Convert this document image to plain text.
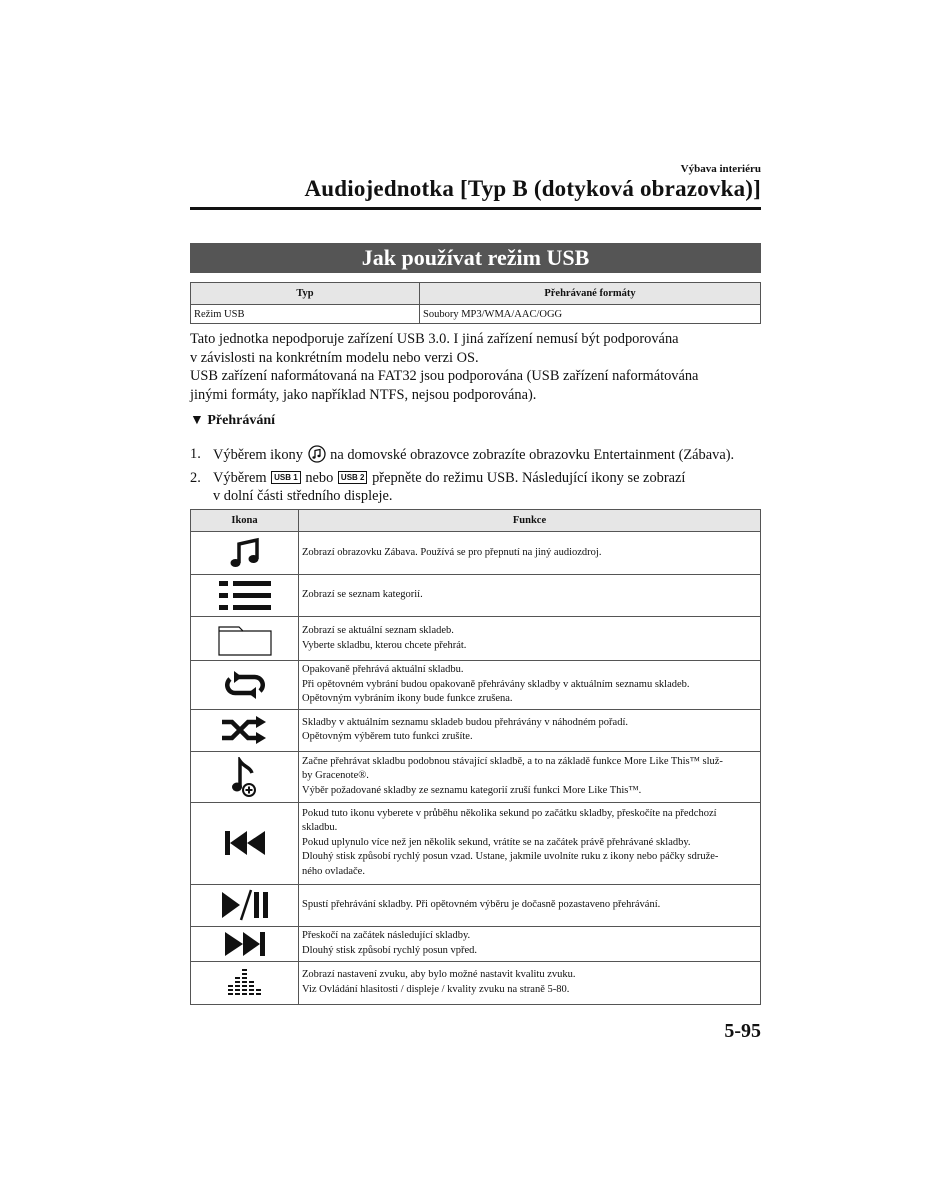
Výbava interiéru
Audiojednotka [Typ B (dotyková obrazovka)]
Jak používat režim USB
Typ	Přehrávané formáty
Režim USB	Soubory MP3/WMA/AAC/OGG

Tato jednotka nepodporuje zařízení USB 3.0. I jiná zařízení nemusí být podporována

v závislosti na konkrétním modelu nebo verzi OS.

USB zařízení naformátovaná na FAT32 jsou podporována (USB zařízení naformátována

jinými formáty, jako například NTFS, nejsou podporována).

▼ Přehrávání
1. Výběrem ikony na domovské obrazovce zobrazíte obrazovku Entertainment (Zábava).
2. Výběrem USB 1 nebo USB 2 přepněte do režimu USB. Následující ikony se zobrazí
v dolní části středního displeje.
Ikona	Funkce

Zobrazí obrazovku Zábava. Používá se pro přepnutí na jiný audiozdroj.

Zobrazí se seznam kategorií.

Zobrazí se aktuální seznam skladeb.
Vyberte skladbu, kterou chcete přehrát.

Opakovaně přehrává aktuální skladbu.
Při opětovném vybrání budou opakovaně přehrávány skladby v aktuálním seznamu skladeb.
Opětovným vybráním ikony bude funkce zrušena.

Skladby v aktuálním seznamu skladeb budou přehrávány v náhodném pořadí.
Opětovným výběrem tuto funkci zrušíte.

Začne přehrávat skladbu podobnou stávající skladbě, a to na základě funkce More Like This™ služ-
by Gracenote®.
Výběr požadované skladby ze seznamu kategorií zruší funkci More Like This™.

Pokud tuto ikonu vyberete v průběhu několika sekund po začátku skladby, přeskočíte na předchozí
skladbu.
Pokud uplynulo více než jen několik sekund, vrátíte se na začátek právě přehrávané skladby.
Dlouhý stisk způsobí rychlý posun vzad. Ustane, jakmile uvolníte ruku z ikony nebo páčky sdruže-
ného ovladače.

Spustí přehrávání skladby. Při opětovném výběru je dočasně pozastaveno přehrávání.

Přeskočí na začátek následující skladby.
Dlouhý stisk způsobí rychlý posun vpřed.

Zobrazí nastavení zvuku, aby bylo možné nastavit kvalitu zvuku.
Viz Ovládání hlasitosti / displeje / kvality zvuku na straně 5-80.
5-95
